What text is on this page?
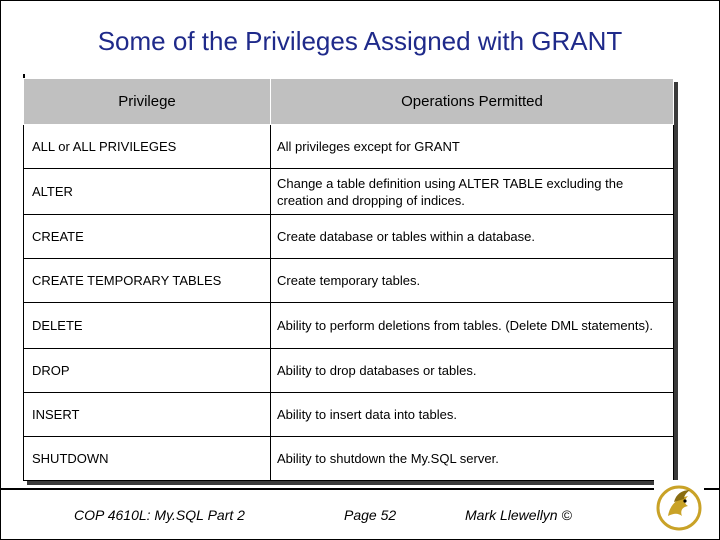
Some of the Privileges Assigned with GRANT
Privilege	Operations Permitted
ALL or ALL PRIVILEGES	All privileges except for GRANT
ALTER	Change a table definition using ALTER TABLE excluding the creation and dropping of indices.
CREATE	Create database or tables within a database.
CREATE TEMPORARY TABLES	Create temporary tables.
DELETE	Ability to perform deletions from tables. (Delete DML statements).
DROP	Ability to drop databases or tables.
INSERT	Ability to insert data into tables.
SHUTDOWN	Ability to shutdown the My.SQL server.
COP 4610L: My.SQL Part 2	Page 52	Mark Llewellyn ©
